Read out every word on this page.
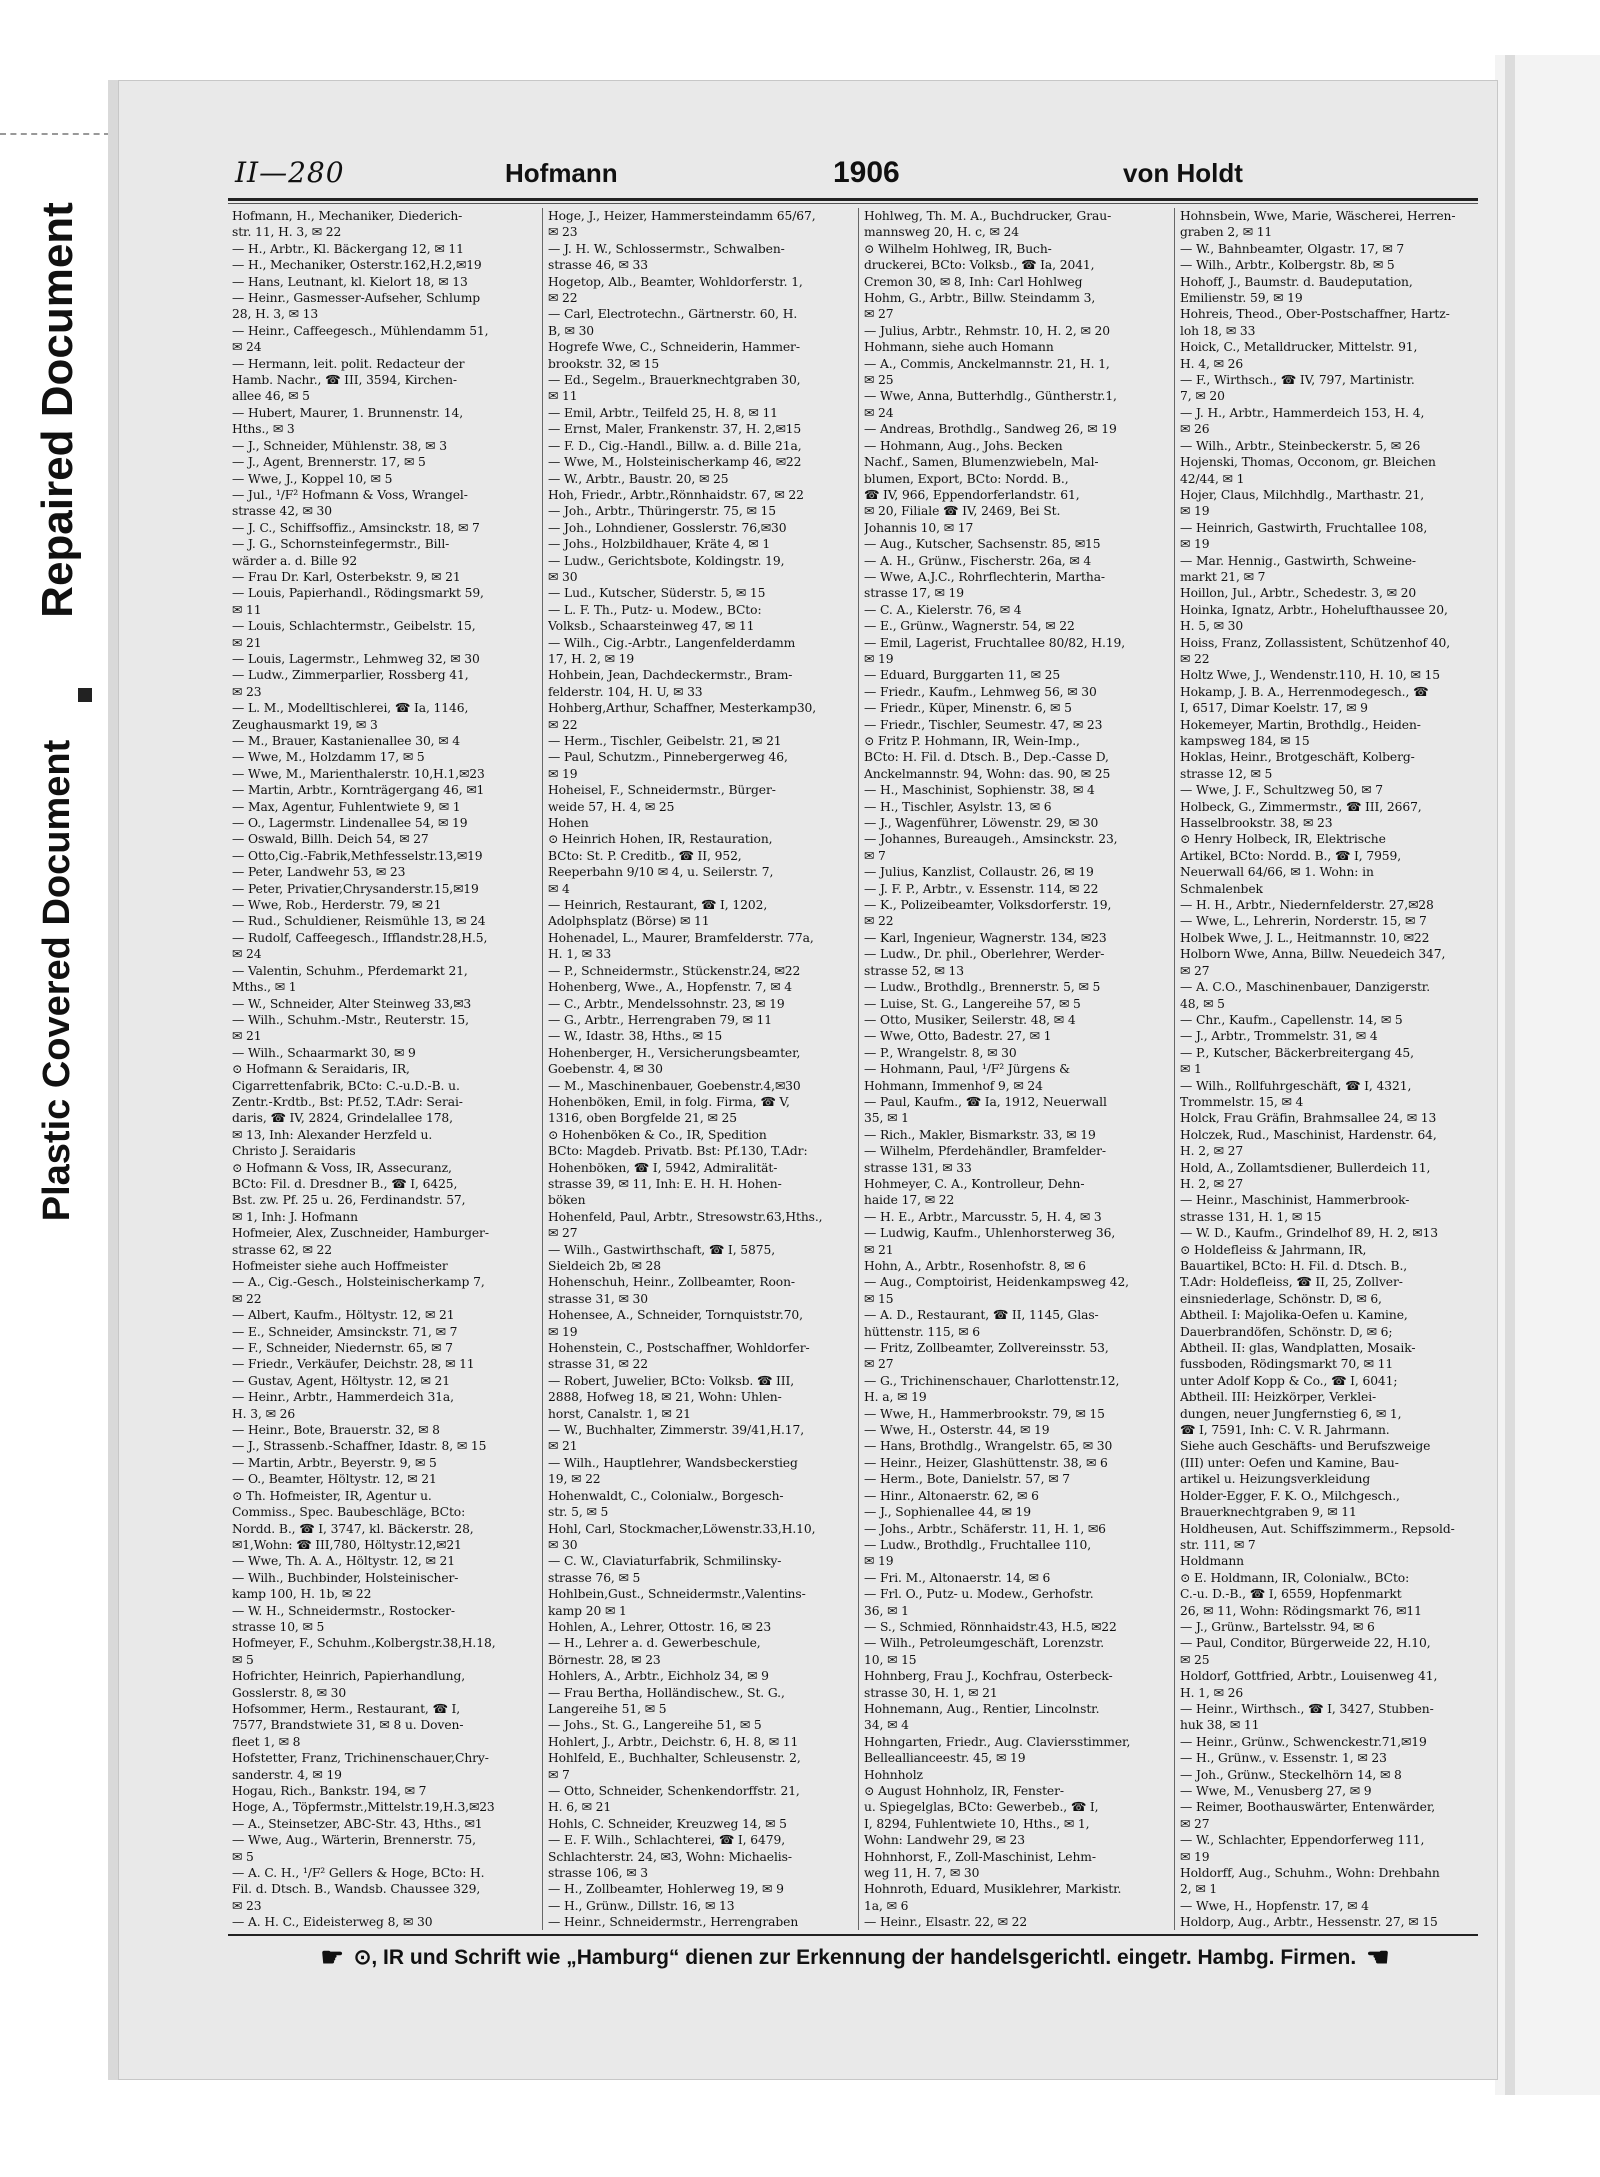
Repaired Document
Plastic Covered Document
II—280	Hofmann	1906	von Holdt
Hofmann, H., Mechaniker, Diederich-
str. 11, H. 3, ✉ 22
— H., Arbtr., Kl. Bäckergang 12, ✉ 11
— H., Mechaniker, Osterstr.162,H.2,✉19
— Hans, Leutnant, kl. Kielort 18, ✉ 13
— Heinr., Gasmesser-Aufseher, Schlump
28, H. 3, ✉ 13
— Heinr., Caffeegesch., Mühlendamm 51,
✉ 24
— Hermann, leit. polit. Redacteur der
Hamb. Nachr., ☎ III, 3594, Kirchen-
allee 46, ✉ 5
— Hubert, Maurer, 1. Brunnenstr. 14,
Hths., ✉ 3
— J., Schneider, Mühlenstr. 38, ✉ 3
— J., Agent, Brennerstr. 17, ✉ 5
— Wwe, J., Koppel 10, ✉ 5
— Jul., ¹/F² Hofmann & Voss, Wrangel-
strasse 42, ✉ 30
— J. C., Schiffsoffiz., Amsinckstr. 18, ✉ 7
— J. G., Schornsteinfegermstr., Bill-
wärder a. d. Bille 92
— Frau Dr. Karl, Osterbekstr. 9, ✉ 21
— Louis, Papierhandl., Rödingsmarkt 59,
✉ 11
— Louis, Schlachtermstr., Geibelstr. 15,
✉ 21
— Louis, Lagermstr., Lehmweg 32, ✉ 30
— Ludw., Zimmerparlier, Rossberg 41,
✉ 23
— L. M., Modelltischlerei, ☎ Ia, 1146,
Zeughausmarkt 19, ✉ 3
— M., Brauer, Kastanienallee 30, ✉ 4
— Wwe, M., Holzdamm 17, ✉ 5
— Wwe, M., Marienthalerstr. 10,H.1,✉23
— Martin, Arbtr., Kornträgergang 46, ✉1
— Max, Agentur, Fuhlentwiete 9, ✉ 1
— O., Lagermstr. Lindenallee 54, ✉ 19
— Oswald, Billh. Deich 54, ✉ 27
— Otto,Cig.-Fabrik,Methfesselstr.13,✉19
— Peter, Landwehr 53, ✉ 23
— Peter, Privatier,Chrysanderstr.15,✉19
— Wwe, Rob., Herderstr. 79, ✉ 21
— Rud., Schuldiener, Reismühle 13, ✉ 24
— Rudolf, Caffeegesch., Ifflandstr.28,H.5,
✉ 24
— Valentin, Schuhm., Pferdemarkt 21,
Mths., ✉ 1
— W., Schneider, Alter Steinweg 33,✉3
— Wilh., Schuhm.-Mstr., Reuterstr. 15,
✉ 21
— Wilh., Schaarmarkt 30, ✉ 9
⊙ Hofmann & Seraidaris, IR,
Cigarrettenfabrik, BCto: C.-u.D.-B. u.
Zentr.-Krdtb., Bst: Pf.52, T.Adr: Serai-
daris, ☎ IV, 2824, Grindelallee 178,
✉ 13, Inh: Alexander Herzfeld u.
Christo J. Seraidaris
⊙ Hofmann & Voss, IR, Assecuranz,
BCto: Fil. d. Dresdner B., ☎ I, 6425,
Bst. zw. Pf. 25 u. 26, Ferdinandstr. 57,
✉ 1, Inh: J. Hofmann
Hofmeier, Alex, Zuschneider, Hamburger-
strasse 62, ✉ 22
Hofmeister siehe auch Hoffmeister
— A., Cig.-Gesch., Holsteinischerkamp 7,
✉ 22
— Albert, Kaufm., Höltystr. 12, ✉ 21
— E., Schneider, Amsinckstr. 71, ✉ 7
— F., Schneider, Niedernstr. 65, ✉ 7
— Friedr., Verkäufer, Deichstr. 28, ✉ 11
— Gustav, Agent, Höltystr. 12, ✉ 21
— Heinr., Arbtr., Hammerdeich 31a,
H. 3, ✉ 26
— Heinr., Bote, Brauerstr. 32, ✉ 8
— J., Strassenb.-Schaffner, Idastr. 8, ✉ 15
— Martin, Arbtr., Beyerstr. 9, ✉ 5
— O., Beamter, Höltystr. 12, ✉ 21
⊙ Th. Hofmeister, IR, Agentur u.
Commiss., Spec. Baubeschläge, BCto:
Nordd. B., ☎ I, 3747, kl. Bäckerstr. 28,
✉1,Wohn: ☎ III,780, Höltystr.12,✉21
— Wwe, Th. A. A., Höltystr. 12, ✉ 21
— Wilh., Buchbinder, Holsteinischer-
kamp 100, H. 1b, ✉ 22
— W. H., Schneidermstr., Rostocker-
strasse 10, ✉ 5
Hofmeyer, F., Schuhm.,Kolbergstr.38,H.18,
✉ 5
Hofrichter, Heinrich, Papierhandlung,
Gosslerstr. 8, ✉ 30
Hofsommer, Herm., Restaurant, ☎ I,
7577, Brandstwiete 31, ✉ 8 u. Doven-
fleet 1, ✉ 8
Hofstetter, Franz, Trichinenschauer,Chry-
sanderstr. 4, ✉ 19
Hogau, Rich., Bankstr. 194, ✉ 7
Hoge, A., Töpfermstr.,Mittelstr.19,H.3,✉23
— A., Steinsetzer, ABC-Str. 43, Hths., ✉1
— Wwe, Aug., Wärterin, Brennerstr. 75,
✉ 5
— A. C. H., ¹/F² Gellers & Hoge, BCto: H.
Fil. d. Dtsch. B., Wandsb. Chaussee 329,
✉ 23
— A. H. C., Eideisterweg 8, ✉ 30
Hoge, J., Heizer, Hammersteindamm 65/67,
✉ 23
— J. H. W., Schlossermstr., Schwalben-
strasse 46, ✉ 33
Hogetop, Alb., Beamter, Wohldorferstr. 1,
✉ 22
— Carl, Electrotechn., Gärtnerstr. 60, H.
B, ✉ 30
Hogrefe Wwe, C., Schneiderin, Hammer-
brookstr. 32, ✉ 15
— Ed., Segelm., Brauerknechtgraben 30,
✉ 11
— Emil, Arbtr., Teilfeld 25, H. 8, ✉ 11
— Ernst, Maler, Frankenstr. 37, H. 2,✉15
— F. D., Cig.-Handl., Billw. a. d. Bille 21a,
— Wwe, M., Holsteinischerkamp 46, ✉22
— W., Arbtr., Baustr. 20, ✉ 25
Hoh, Friedr., Arbtr.,Rönnhaidstr. 67, ✉ 22
— Joh., Arbtr., Thüringerstr. 75, ✉ 15
— Joh., Lohndiener, Gosslerstr. 76,✉30
— Johs., Holzbildhauer, Kräte 4, ✉ 1
— Ludw., Gerichtsbote, Koldingstr. 19,
✉ 30
— Lud., Kutscher, Süderstr. 5, ✉ 15
— L. F. Th., Putz- u. Modew., BCto:
Volksb., Schaarsteinweg 47, ✉ 11
— Wilh., Cig.-Arbtr., Langenfelderdamm
17, H. 2, ✉ 19
Hohbein, Jean, Dachdeckermstr., Bram-
felderstr. 104, H. U, ✉ 33
Hohberg,Arthur, Schaffner, Mesterkamp30,
✉ 22
— Herm., Tischler, Geibelstr. 21, ✉ 21
— Paul, Schutzm., Pinnebergerweg 46,
✉ 19
Hoheisel, F., Schneidermstr., Bürger-
weide 57, H. 4, ✉ 25
Hohen
⊙ Heinrich Hohen, IR, Restauration,
BCto: St. P. Creditb., ☎ II, 952,
Reeperbahn 9/10 ✉ 4, u. Seilerstr. 7,
✉ 4
— Heinrich, Restaurant, ☎ I, 1202,
Adolphsplatz (Börse) ✉ 11
Hohenadel, L., Maurer, Bramfelderstr. 77a,
H. 1, ✉ 33
— P., Schneidermstr., Stückenstr.24, ✉22
Hohenberg, Wwe., A., Hopfenstr. 7, ✉ 4
— C., Arbtr., Mendelssohnstr. 23, ✉ 19
— G., Arbtr., Herrengraben 79, ✉ 11
— W., Idastr. 38, Hths., ✉ 15
Hohenberger, H., Versicherungsbeamter,
Goebenstr. 4, ✉ 30
— M., Maschinenbauer, Goebenstr.4,✉30
Hohenböken, Emil, in folg. Firma, ☎ V,
1316, oben Borgfelde 21, ✉ 25
⊙ Hohenböken & Co., IR, Spedition
BCto: Magdeb. Privatb. Bst: Pf.130, T.Adr:
Hohenböken, ☎ I, 5942, Admiralität-
strasse 39, ✉ 11, Inh: E. H. H. Hohen-
böken
Hohenfeld, Paul, Arbtr., Stresowstr.63,Hths.,
✉ 27
— Wilh., Gastwirthschaft, ☎ I, 5875,
Sieldeich 2b, ✉ 28
Hohenschuh, Heinr., Zollbeamter, Roon-
strasse 31, ✉ 30
Hohensee, A., Schneider, Tornquiststr.70,
✉ 19
Hohenstein, C., Postschaffner, Wohldorfer-
strasse 31, ✉ 22
— Robert, Juwelier, BCto: Volksb. ☎ III,
2888, Hofweg 18, ✉ 21, Wohn: Uhlen-
horst, Canalstr. 1, ✉ 21
— W., Buchhalter, Zimmerstr. 39/41,H.17,
✉ 21
— Wilh., Hauptlehrer, Wandsbeckerstieg
19, ✉ 22
Hohenwaldt, C., Colonialw., Borgesch-
str. 5, ✉ 5
Hohl, Carl, Stockmacher,Löwenstr.33,H.10,
✉ 30
— C. W., Claviaturfabrik, Schmilinsky-
strasse 76, ✉ 5
Hohlbein,Gust., Schneidermstr.,Valentins-
kamp 20 ✉ 1
Hohlen, A., Lehrer, Ottostr. 16, ✉ 23
— H., Lehrer a. d. Gewerbeschule,
Börnestr. 28, ✉ 23
Hohlers, A., Arbtr., Eichholz 34, ✉ 9
— Frau Bertha, Holländischew., St. G.,
Langereihe 51, ✉ 5
— Johs., St. G., Langereihe 51, ✉ 5
Hohlert, J., Arbtr., Deichstr. 6, H. 8, ✉ 11
Hohlfeld, E., Buchhalter, Schleusenstr. 2,
✉ 7
— Otto, Schneider, Schenkendorffstr. 21,
H. 6, ✉ 21
Hohls, C. Schneider, Kreuzweg 14, ✉ 5
— E. F. Wilh., Schlachterei, ☎ I, 6479,
Schlachterstr. 24, ✉3, Wohn: Michaelis-
strasse 106, ✉ 3
— H., Zollbeamter, Hohlerweg 19, ✉ 9
— H., Grünw., Dillstr. 16, ✉ 13
— Heinr., Schneidermstr., Herrengraben
Hohlweg, Th. M. A., Buchdrucker, Grau-
mannsweg 20, H. c, ✉ 24
⊙ Wilhelm Hohlweg, IR, Buch-
druckerei, BCto: Volksb., ☎ Ia, 2041,
Cremon 30, ✉ 8, Inh: Carl Hohlweg
Hohm, G., Arbtr., Billw. Steindamm 3,
✉ 27
— Julius, Arbtr., Rehmstr. 10, H. 2, ✉ 20
Hohmann, siehe auch Homann
— A., Commis, Anckelmannstr. 21, H. 1,
✉ 25
— Wwe, Anna, Butterhdlg., Güntherstr.1,
✉ 24
— Andreas, Brothdlg., Sandweg 26, ✉ 19
— Hohmann, Aug., Johs. Becken
Nachf., Samen, Blumenzwiebeln, Mal-
blumen, Export, BCto: Nordd. B.,
☎ IV, 966, Eppendorferlandstr. 61,
✉ 20, Filiale ☎ IV, 2469, Bei St.
Johannis 10, ✉ 17
— Aug., Kutscher, Sachsenstr. 85, ✉15
— A. H., Grünw., Fischerstr. 26a, ✉ 4
— Wwe, A.J.C., Rohrflechterin, Martha-
strasse 17, ✉ 19
— C. A., Kielerstr. 76, ✉ 4
— E., Grünw., Wagnerstr. 54, ✉ 22
— Emil, Lagerist, Fruchtallee 80/82, H.19,
✉ 19
— Eduard, Burggarten 11, ✉ 25
— Friedr., Kaufm., Lehmweg 56, ✉ 30
— Friedr., Küper, Minenstr. 6, ✉ 5
— Friedr., Tischler, Seumestr. 47, ✉ 23
⊙ Fritz P. Hohmann, IR, Wein-Imp.,
BCto: H. Fil. d. Dtsch. B., Dep.-Casse D,
Anckelmannstr. 94, Wohn: das. 90, ✉ 25
— H., Maschinist, Sophienstr. 38, ✉ 4
— H., Tischler, Asylstr. 13, ✉ 6
— J., Wagenführer, Löwenstr. 29, ✉ 30
— Johannes, Bureaugeh., Amsinckstr. 23,
✉ 7
— Julius, Kanzlist, Collaustr. 26, ✉ 19
— J. F. P., Arbtr., v. Essenstr. 114, ✉ 22
— K., Polizeibeamter, Volksdorferstr. 19,
✉ 22
— Karl, Ingenieur, Wagnerstr. 134, ✉23
— Ludw., Dr. phil., Oberlehrer, Werder-
strasse 52, ✉ 13
— Ludw., Brothdlg., Brennerstr. 5, ✉ 5
— Luise, St. G., Langereihe 57, ✉ 5
— Otto, Musiker, Seilerstr. 48, ✉ 4
— Wwe, Otto, Badestr. 27, ✉ 1
— P., Wrangelstr. 8, ✉ 30
— Hohmann, Paul, ¹/F² Jürgens &
Hohmann, Immenhof 9, ✉ 24
— Paul, Kaufm., ☎ Ia, 1912, Neuerwall
35, ✉ 1
— Rich., Makler, Bismarkstr. 33, ✉ 19
— Wilhelm, Pferdehändler, Bramfelder-
strasse 131, ✉ 33
Hohmeyer, C. A., Kontrolleur, Dehn-
haide 17, ✉ 22
— H. E., Arbtr., Marcusstr. 5, H. 4, ✉ 3
— Ludwig, Kaufm., Uhlenhorsterweg 36,
✉ 21
Hohn, A., Arbtr., Rosenhofstr. 8, ✉ 6
— Aug., Comptoirist, Heidenkampsweg 42,
✉ 15
— A. D., Restaurant, ☎ II, 1145, Glas-
hüttenstr. 115, ✉ 6
— Fritz, Zollbeamter, Zollvereinsstr. 53,
✉ 27
— G., Trichinenschauer, Charlottenstr.12,
H. a, ✉ 19
— Wwe, H., Hammerbrookstr. 79, ✉ 15
— Wwe, H., Osterstr. 44, ✉ 19
— Hans, Brothdlg., Wrangelstr. 65, ✉ 30
— Heinr., Heizer, Glashüttenstr. 38, ✉ 6
— Herm., Bote, Danielstr. 57, ✉ 7
— Hinr., Altonaerstr. 62, ✉ 6
— J., Sophienallee 44, ✉ 19
— Johs., Arbtr., Schäferstr. 11, H. 1, ✉6
— Ludw., Brothdlg., Fruchtallee 110,
✉ 19
— Fri. M., Altonaerstr. 14, ✉ 6
— Frl. O., Putz- u. Modew., Gerhofstr.
36, ✉ 1
— S., Schmied, Rönnhaidstr.43, H.5, ✉22
— Wilh., Petroleumgeschäft, Lorenzstr.
10, ✉ 15
Hohnberg, Frau J., Kochfrau, Osterbeck-
strasse 30, H. 1, ✉ 21
Hohnemann, Aug., Rentier, Lincolnstr.
34, ✉ 4
Hohngarten, Friedr., Aug. Claviersstimmer,
Belleallianceestr. 45, ✉ 19
Hohnholz
⊙ August Hohnholz, IR, Fenster-
u. Spiegelglas, BCto: Gewerbeb., ☎ I,
I, 8294, Fuhlentwiete 10, Hths., ✉ 1,
Wohn: Landwehr 29, ✉ 23
Hohnhorst, F., Zoll-Maschinist, Lehm-
weg 11, H. 7, ✉ 30
Hohnroth, Eduard, Musiklehrer, Markistr.
1a, ✉ 6
— Heinr., Elsastr. 22, ✉ 22
Hohnsbein, Wwe, Marie, Wäscherei, Herren-
graben 2, ✉ 11
— W., Bahnbeamter, Olgastr. 17, ✉ 7
— Wilh., Arbtr., Kolbergstr. 8b, ✉ 5
Hohoff, J., Baumstr. d. Baudeputation,
Emilienstr. 59, ✉ 19
Hohreis, Theod., Ober-Postschaffner, Hartz-
loh 18, ✉ 33
Hoick, C., Metalldrucker, Mittelstr. 91,
H. 4, ✉ 26
— F., Wirthsch., ☎ IV, 797, Martinistr.
7, ✉ 20
— J. H., Arbtr., Hammerdeich 153, H. 4,
✉ 26
— Wilh., Arbtr., Steinbeckerstr. 5, ✉ 26
Hojenski, Thomas, Occonom, gr. Bleichen
42/44, ✉ 1
Hojer, Claus, Milchhdlg., Marthastr. 21,
✉ 19
— Heinrich, Gastwirth, Fruchtallee 108,
✉ 19
— Mar. Hennig., Gastwirth, Schweine-
markt 21, ✉ 7
Hoillon, Jul., Arbtr., Schedestr. 3, ✉ 20
Hoinka, Ignatz, Arbtr., Hohelufthaussee 20,
H. 5, ✉ 30
Hoiss, Franz, Zollassistent, Schützenhof 40,
✉ 22
Holtz Wwe, J., Wendenstr.110, H. 10, ✉ 15
Hokamp, J. B. A., Herrenmodegesch., ☎
I, 6517, Dimar Koelstr. 17, ✉ 9
Hokemeyer, Martin, Brothdlg., Heiden-
kampsweg 184, ✉ 15
Hoklas, Heinr., Brotgeschäft, Kolberg-
strasse 12, ✉ 5
— Wwe, J. F., Schultzweg 50, ✉ 7
Holbeck, G., Zimmermstr., ☎ III, 2667,
Hasselbrookstr. 38, ✉ 23
⊙ Henry Holbeck, IR, Elektrische
Artikel, BCto: Nordd. B., ☎ I, 7959,
Neuerwall 64/66, ✉ 1. Wohn: in
Schmalenbek
— H. H., Arbtr., Niedernfelderstr. 27,✉28
— Wwe, L., Lehrerin, Norderstr. 15, ✉ 7
Holbek Wwe, J. L., Heitmannstr. 10, ✉22
Holborn Wwe, Anna, Billw. Neuedeich 347,
✉ 27
— A. C.O., Maschinenbauer, Danzigerstr.
48, ✉ 5
— Chr., Kaufm., Capellenstr. 14, ✉ 5
— J., Arbtr., Trommelstr. 31, ✉ 4
— P., Kutscher, Bäckerbreitergang 45,
✉ 1
— Wilh., Rollfuhrgeschäft, ☎ I, 4321,
Trommelstr. 15, ✉ 4
Holck, Frau Gräfin, Brahmsallee 24, ✉ 13
Holczek, Rud., Maschinist, Hardenstr. 64,
H. 2, ✉ 27
Hold, A., Zollamtsdiener, Bullerdeich 11,
H. 2, ✉ 27
— Heinr., Maschinist, Hammerbrook-
strasse 131, H. 1, ✉ 15
— W. D., Kaufm., Grindelhof 89, H. 2, ✉13
⊙ Holdefleiss & Jahrmann, IR,
Bauartikel, BCto: H. Fil. d. Dtsch. B.,
T.Adr: Holdefleiss, ☎ II, 25, Zollver-
einsniederlage, Schönstr. D, ✉ 6,
Abtheil. I: Majolika-Oefen u. Kamine,
Dauerbrandöfen, Schönstr. D, ✉ 6;
Abtheil. II: glas, Wandplatten, Mosaik-
fussboden, Rödingsmarkt 70, ✉ 11
unter Adolf Kopp & Co., ☎ I, 6041;
Abtheil. III: Heizkörper, Verklei-
dungen, neuer Jungfernstieg 6, ✉ 1,
☎ I, 7591, Inh: C. V. R. Jahrmann.
Siehe auch Geschäfts- und Berufszweige
(III) unter: Oefen und Kamine, Bau-
artikel u. Heizungsverkleidung
Holder-Egger, F. K. O., Milchgesch.,
Brauerknechtgraben 9, ✉ 11
Holdheusen, Aut. Schiffszimmerm., Repsold-
str. 111, ✉ 7
Holdmann
⊙ E. Holdmann, IR, Colonialw., BCto:
C.-u. D.-B., ☎ I, 6559, Hopfenmarkt
26, ✉ 11, Wohn: Rödingsmarkt 76, ✉11
— J., Grünw., Bartelsstr. 94, ✉ 6
— Paul, Conditor, Bürgerweide 22, H.10,
✉ 25
Holdorf, Gottfried, Arbtr., Louisenweg 41,
H. 1, ✉ 26
— Heinr., Wirthsch., ☎ I, 3427, Stubben-
huk 38, ✉ 11
— Heinr., Grünw., Schwenckestr.71,✉19
— H., Grünw., v. Essenstr. 1, ✉ 23
— Joh., Grünw., Steckelhörn 14, ✉ 8
— Wwe, M., Venusberg 27, ✉ 9
— Reimer, Boothauswärter, Entenwärder,
✉ 27
— W., Schlachter, Eppendorferweg 111,
✉ 19
Holdorff, Aug., Schuhm., Wohn: Drehbahn
2, ✉ 1
— Wwe, H., Hopfenstr. 17, ✉ 4
Holdorp, Aug., Arbtr., Hessenstr. 27, ✉ 15
☛ ⊙, IR und Schrift wie „Hamburg“ dienen zur Erkennung der handelsgerichtl. eingetr. Hambg. Firmen. ☚
